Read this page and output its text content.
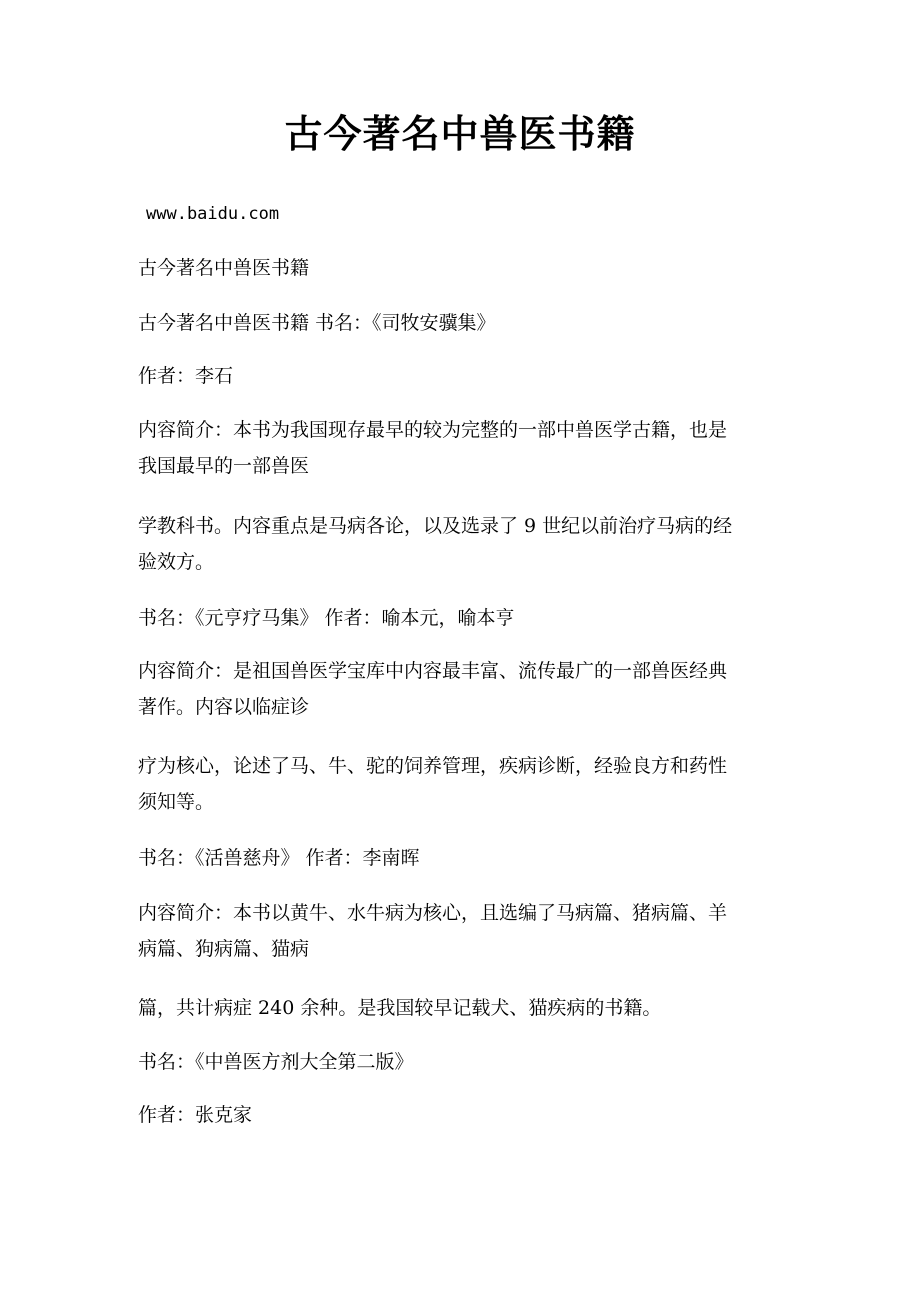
古今著名中兽医书籍
www.baidu.com
古今著名中兽医书籍
古今著名中兽医书籍 书名：《司牧安骥集》
作者：李石
内容简介：本书为我国现存最早的较为完整的一部中兽医学古籍，也是
我国最早的一部兽医
学教科书。内容重点是马病各论，以及选录了 9 世纪以前治疗马病的经
验效方。
书名：《元亨疗马集》 作者：喻本元，喻本亨
内容简介：是祖国兽医学宝库中内容最丰富、流传最广的一部兽医经典
著作。内容以临症诊
疗为核心，论述了马、牛、驼的饲养管理，疾病诊断，经验良方和药性
须知等。
书名：《活兽慈舟》 作者：李南晖
内容简介：本书以黄牛、水牛病为核心，且选编了马病篇、猪病篇、羊
病篇、狗病篇、猫病
篇，共计病症 240 余种。是我国较早记载犬、猫疾病的书籍。
书名：《中兽医方剂大全第二版》
作者：张克家
